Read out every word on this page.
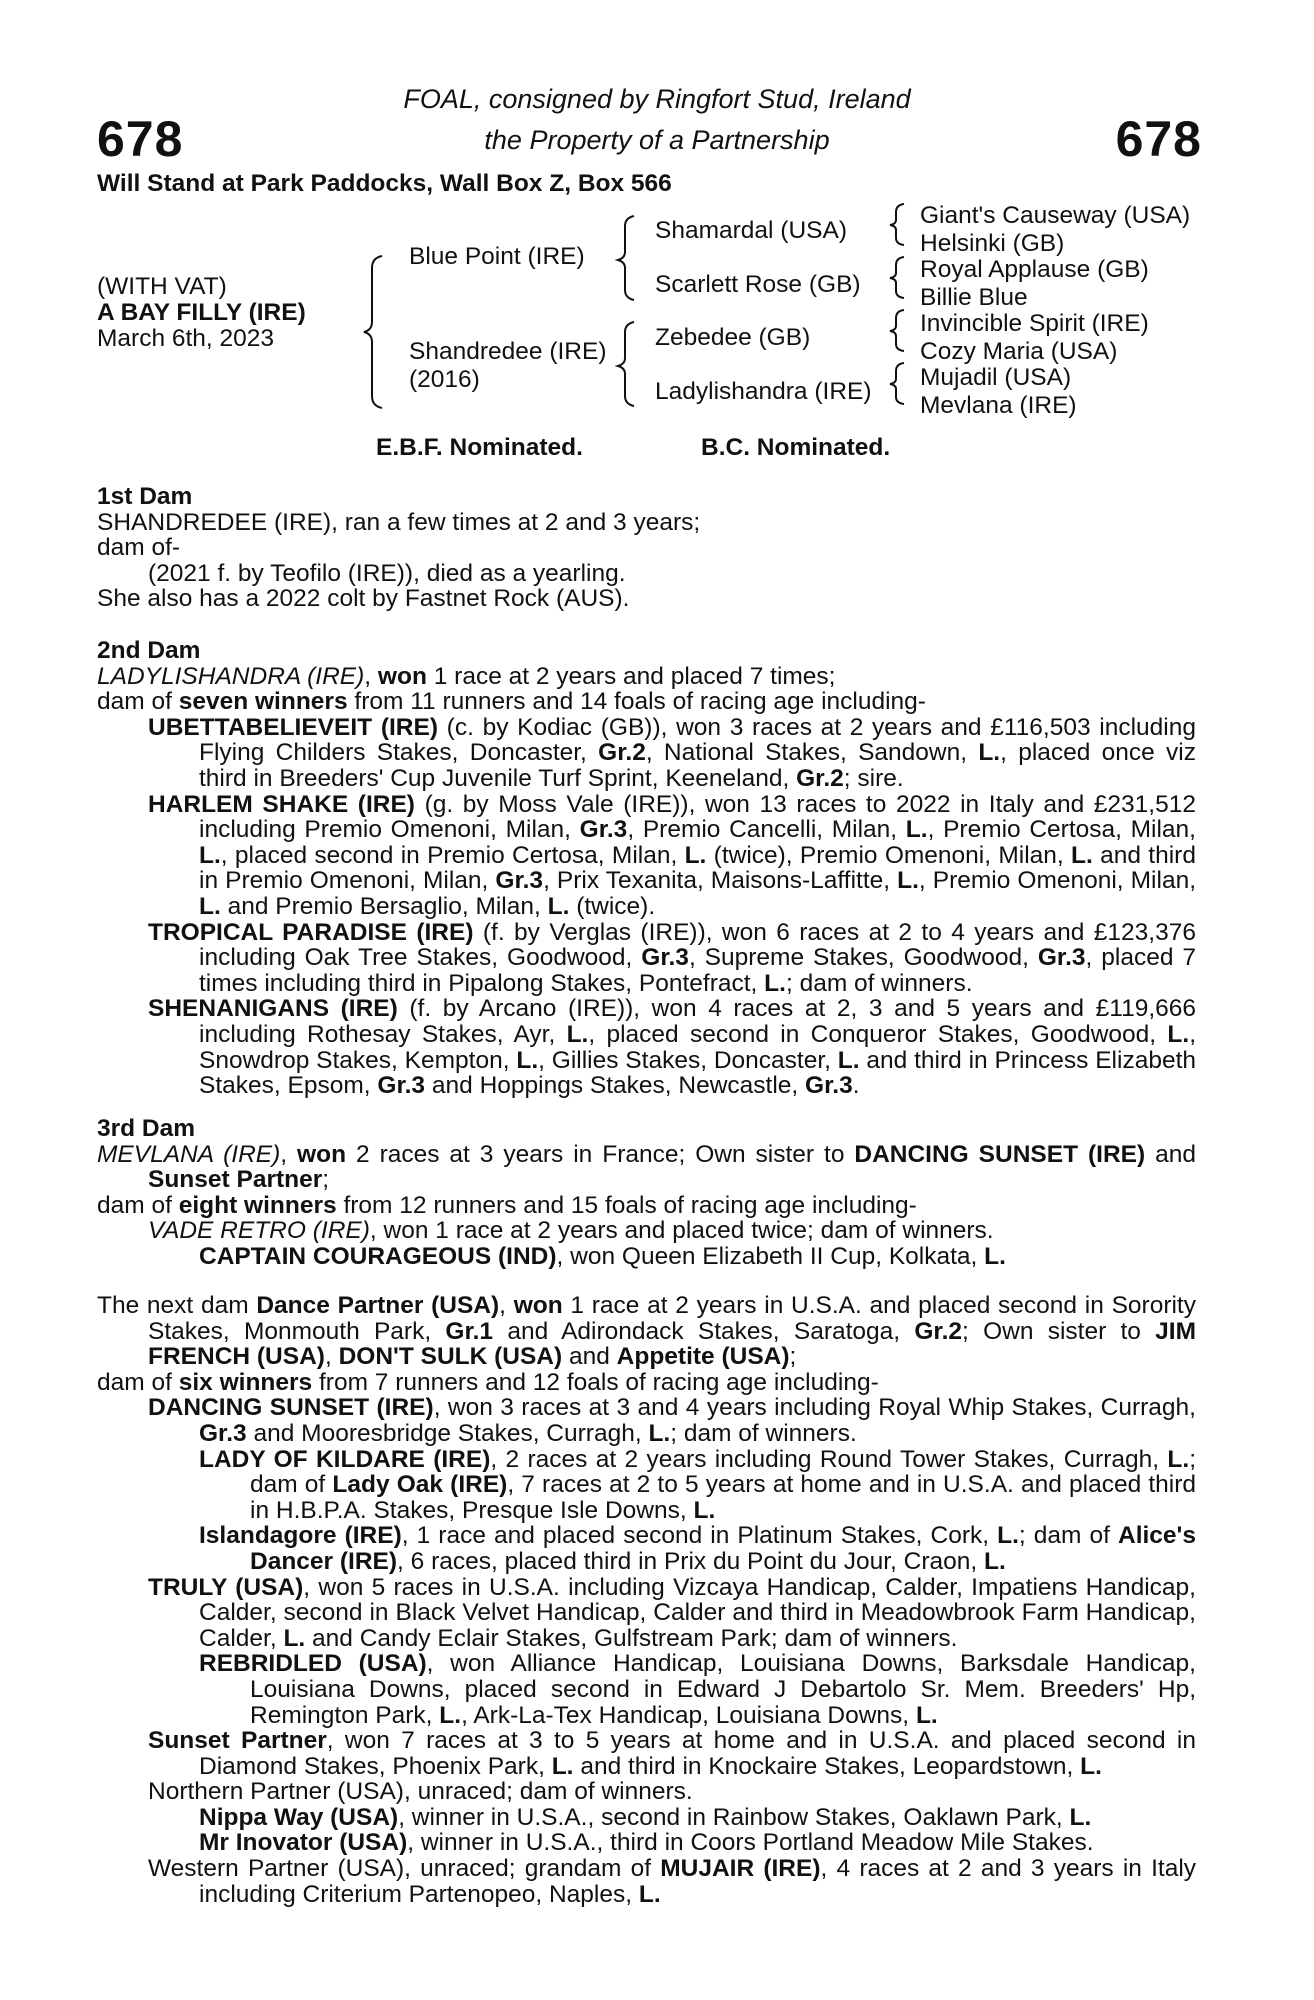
678	678
FOAL, consigned by Ringfort Stud, Ireland
the Property of a Partnership
Will Stand at Park Paddocks, Wall Box Z, Box 566
(WITH VAT)
A BAY FILLY (IRE)
March 6th, 2023
Blue Point (IRE)
Shandredee (IRE)
(2016)
Shamardal (USA)
Scarlett Rose (GB)
Zebedee (GB)
Ladylishandra (IRE)
Giant's Causeway (USA)
Helsinki (GB)
Royal Applause (GB)
Billie Blue
Invincible Spirit (IRE)
Cozy Maria (USA)
Mujadil (USA)
Mevlana (IRE)
E.B.F. Nominated.	B.C. Nominated.

1st Dam

SHANDREDEE (IRE), ran a few times at 2 and 3 years;

dam of-

(2021 f. by Teofilo (IRE)), died as a yearling.

She also has a 2022 colt by Fastnet Rock (AUS).

2nd Dam

LADYLISHANDRA (IRE), won 1 race at 2 years and placed 7 times;

dam of seven winners from 11 runners and 14 foals of racing age including-

UBETTABELIEVEIT (IRE) (c. by Kodiac (GB)), won 3 races at 2 years and £116,503 including Flying Childers Stakes, Doncaster, Gr.2, National Stakes, Sandown, L., placed once viz third in Breeders' Cup Juvenile Turf Sprint, Keeneland, Gr.2; sire.

HARLEM SHAKE (IRE) (g. by Moss Vale (IRE)), won 13 races to 2022 in Italy and £231,512 including Premio Omenoni, Milan, Gr.3, Premio Cancelli, Milan, L., Premio Certosa, Milan, L., placed second in Premio Certosa, Milan, L. (twice), Premio Omenoni, Milan, L. and third in Premio Omenoni, Milan, Gr.3, Prix Texanita, Maisons-Laffitte, L., Premio Omenoni, Milan, L. and Premio Bersaglio, Milan, L. (twice).

TROPICAL PARADISE (IRE) (f. by Verglas (IRE)), won 6 races at 2 to 4 years and £123,376 including Oak Tree Stakes, Goodwood, Gr.3, Supreme Stakes, Goodwood, Gr.3, placed 7 times including third in Pipalong Stakes, Pontefract, L.; dam of winners.

SHENANIGANS (IRE) (f. by Arcano (IRE)), won 4 races at 2, 3 and 5 years and £119,666 including Rothesay Stakes, Ayr, L., placed second in Conqueror Stakes, Goodwood, L., Snowdrop Stakes, Kempton, L., Gillies Stakes, Doncaster, L. and third in Princess Elizabeth Stakes, Epsom, Gr.3 and Hoppings Stakes, Newcastle, Gr.3.

3rd Dam

MEVLANA (IRE), won 2 races at 3 years in France; Own sister to DANCING SUNSET (IRE) and Sunset Partner;

dam of eight winners from 12 runners and 15 foals of racing age including-

VADE RETRO (IRE), won 1 race at 2 years and placed twice; dam of winners.

CAPTAIN COURAGEOUS (IND), won Queen Elizabeth II Cup, Kolkata, L.

The next dam Dance Partner (USA), won 1 race at 2 years in U.S.A. and placed second in Sorority Stakes, Monmouth Park, Gr.1 and Adirondack Stakes, Saratoga, Gr.2; Own sister to JIM FRENCH (USA), DON'T SULK (USA) and Appetite (USA);

dam of six winners from 7 runners and 12 foals of racing age including-

DANCING SUNSET (IRE), won 3 races at 3 and 4 years including Royal Whip Stakes, Curragh, Gr.3 and Mooresbridge Stakes, Curragh, L.; dam of winners.

LADY OF KILDARE (IRE), 2 races at 2 years including Round Tower Stakes, Curragh, L.; dam of Lady Oak (IRE), 7 races at 2 to 5 years at home and in U.S.A. and placed third in H.B.P.A. Stakes, Presque Isle Downs, L.

Islandagore (IRE), 1 race and placed second in Platinum Stakes, Cork, L.; dam of Alice's Dancer (IRE), 6 races, placed third in Prix du Point du Jour, Craon, L.

TRULY (USA), won 5 races in U.S.A. including Vizcaya Handicap, Calder, Impatiens Handicap, Calder, second in Black Velvet Handicap, Calder and third in Meadowbrook Farm Handicap, Calder, L. and Candy Eclair Stakes, Gulfstream Park; dam of winners.

REBRIDLED (USA), won Alliance Handicap, Louisiana Downs, Barksdale Handicap, Louisiana Downs, placed second in Edward J Debartolo Sr. Mem. Breeders' Hp, Remington Park, L., Ark-La-Tex Handicap, Louisiana Downs, L.

Sunset Partner, won 7 races at 3 to 5 years at home and in U.S.A. and placed second in Diamond Stakes, Phoenix Park, L. and third in Knockaire Stakes, Leopardstown, L.

Northern Partner (USA), unraced; dam of winners.

Nippa Way (USA), winner in U.S.A., second in Rainbow Stakes, Oaklawn Park, L.

Mr Inovator (USA), winner in U.S.A., third in Coors Portland Meadow Mile Stakes.

Western Partner (USA), unraced; grandam of MUJAIR (IRE), 4 races at 2 and 3 years in Italy including Criterium Partenopeo, Naples, L.
